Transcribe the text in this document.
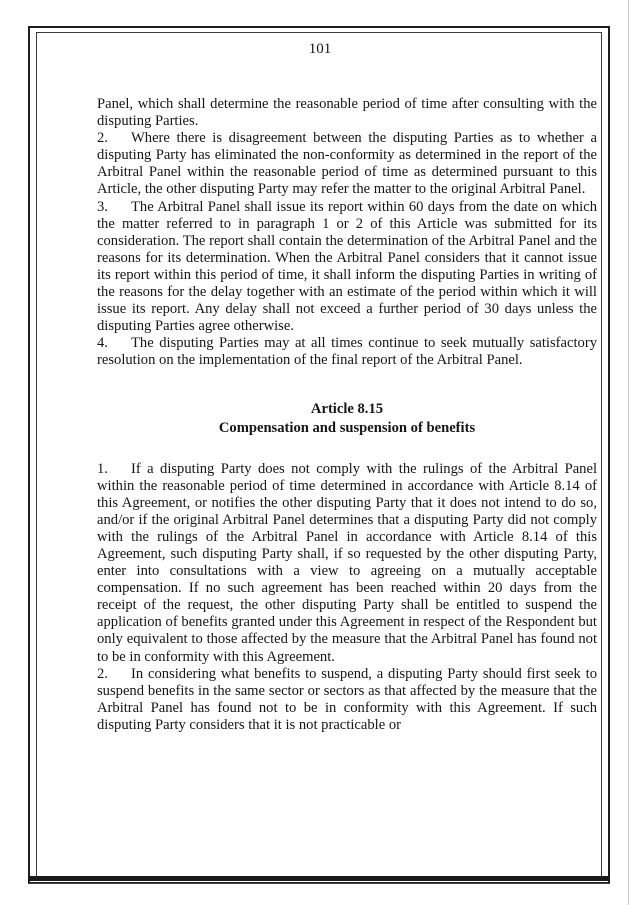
101

Panel, which shall determine the reasonable period of time after consulting with the disputing Parties.

2. Where there is disagreement between the disputing Parties as to whether a disputing Party has eliminated the non-conformity as determined in the report of the Arbitral Panel within the reasonable period of time as determined pursuant to this Article, the other disputing Party may refer the matter to the original Arbitral Panel.

3. The Arbitral Panel shall issue its report within 60 days from the date on which the matter referred to in paragraph 1 or 2 of this Article was submitted for its consideration. The report shall contain the determination of the Arbitral Panel and the reasons for its determination. When the Arbitral Panel considers that it cannot issue its report within this period of time, it shall inform the disputing Parties in writing of the reasons for the delay together with an estimate of the period within which it will issue its report. Any delay shall not exceed a further period of 30 days unless the disputing Parties agree otherwise.

4. The disputing Parties may at all times continue to seek mutually satisfactory resolution on the implementation of the final report of the Arbitral Panel.

Article 8.15
Compensation and suspension of benefits

1. If a disputing Party does not comply with the rulings of the Arbitral Panel within the reasonable period of time determined in accordance with Article 8.14 of this Agreement, or notifies the other disputing Party that it does not intend to do so, and/or if the original Arbitral Panel determines that a disputing Party did not comply with the rulings of the Arbitral Panel in accordance with Article 8.14 of this Agreement, such disputing Party shall, if so requested by the other disputing Party, enter into consultations with a view to agreeing on a mutually acceptable compensation. If no such agreement has been reached within 20 days from the receipt of the request, the other disputing Party shall be entitled to suspend the application of benefits granted under this Agreement in respect of the Respondent but only equivalent to those affected by the measure that the Arbitral Panel has found not to be in conformity with this Agreement.

2. In considering what benefits to suspend, a disputing Party should first seek to suspend benefits in the same sector or sectors as that affected by the measure that the Arbitral Panel has found not to be in conformity with this Agreement. If such disputing Party considers that it is not practicable or
